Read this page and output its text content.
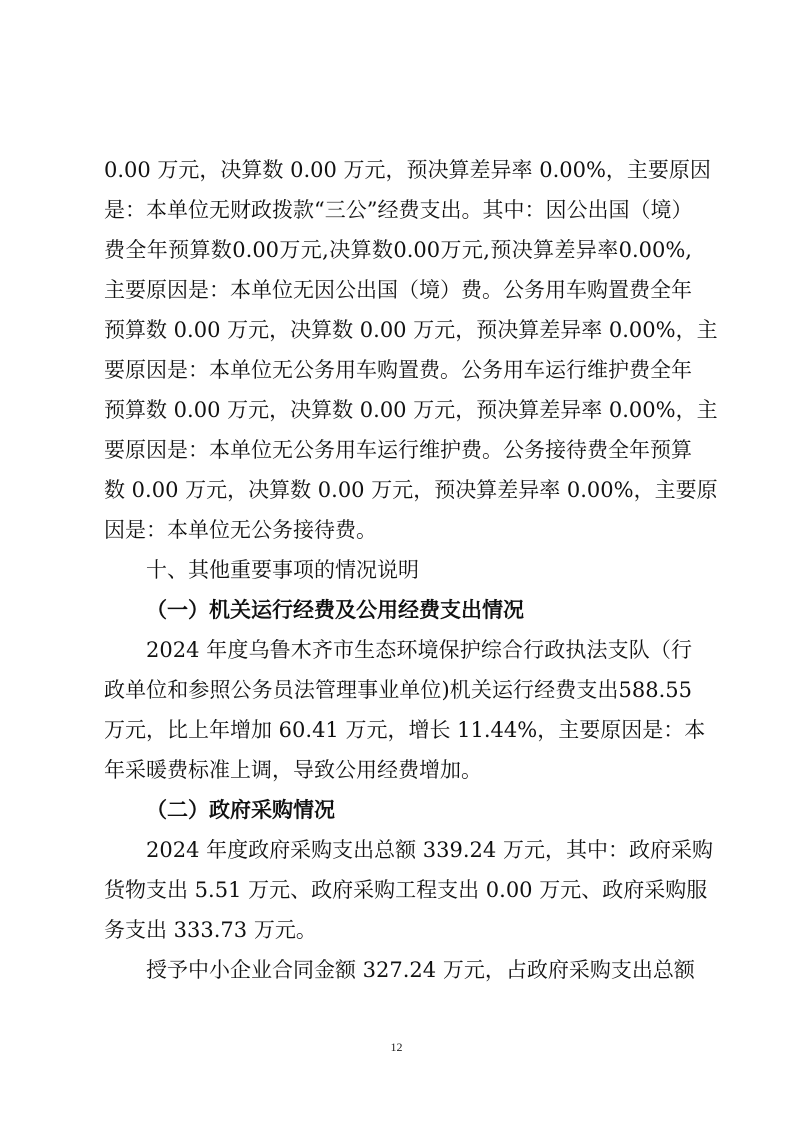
0.00 万元，决算数 0.00 万元，预决算差异率 0.00%，主要原因
是：本单位无财政拨款“三公”经费支出。其中：因公出国（境）
费全年预算数0.00万元,决算数0.00万元,预决算差异率0.00%,
主要原因是：本单位无因公出国（境）费。公务用车购置费全年
预算数 0.00 万元，决算数 0.00 万元，预决算差异率 0.00%，主
要原因是：本单位无公务用车购置费。公务用车运行维护费全年
预算数 0.00 万元，决算数 0.00 万元，预决算差异率 0.00%，主
要原因是：本单位无公务用车运行维护费。公务接待费全年预算
数 0.00 万元，决算数 0.00 万元，预决算差异率 0.00%，主要原
因是：本单位无公务接待费。
十、其他重要事项的情况说明
（一）机关运行经费及公用经费支出情况
2024 年度乌鲁木齐市生态环境保护综合行政执法支队（行
政单位和参照公务员法管理事业单位)机关运行经费支出588.55
万元，比上年增加 60.41 万元，增长 11.44%，主要原因是：本
年采暖费标准上调，导致公用经费增加。
（二）政府采购情况
2024 年度政府采购支出总额 339.24 万元，其中：政府采购
货物支出 5.51 万元、政府采购工程支出 0.00 万元、政府采购服
务支出 333.73 万元。
授予中小企业合同金额 327.24 万元，占政府采购支出总额
12
